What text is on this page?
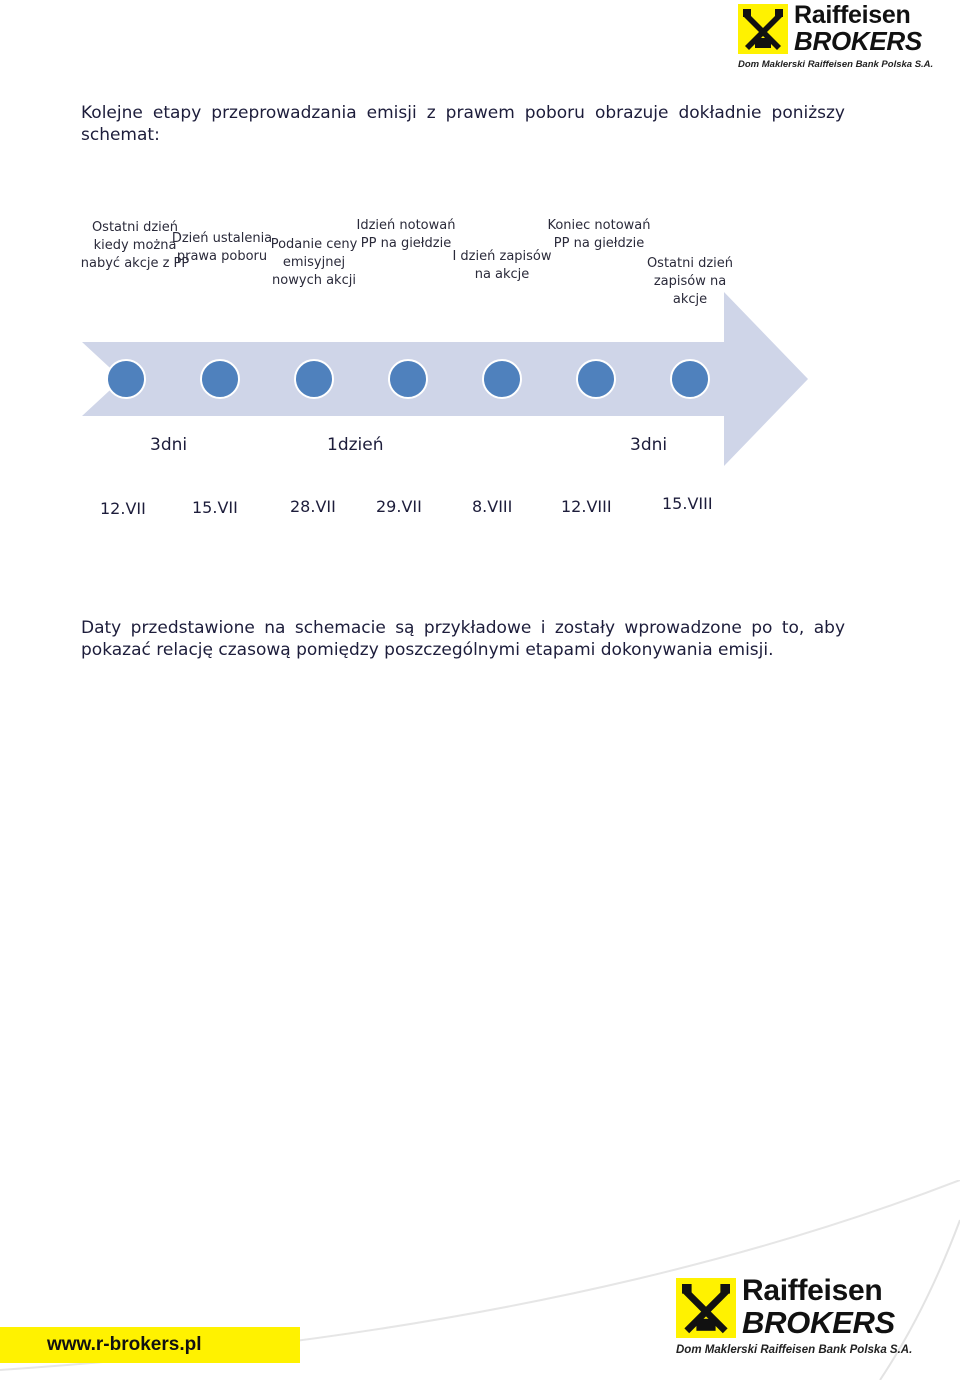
Raiffeisen
BROKERS
Dom Maklerski Raiffeisen Bank Polska S.A.
Kolejne etapy przeprowadzania emisji z prawem poboru obrazuje dokładnie poniższy schemat:
Ostatni dzień kiedy można nabyć akcje z PP
Dzień ustalenia prawa poboru
Podanie ceny emisyjnej nowych akcji
Idzień notowań PP na giełdzie
I dzień zapisów na akcje
Koniec notowań PP na giełdzie
Ostatni dzień zapisów na akcje
3dni	1dzień	3dni
12.VII	15.VII	28.VII	29.VII	8.VIII	12.VIII	15.VIII
Daty przedstawione na schemacie są przykładowe i zostały wprowadzone po to, aby pokazać relację czasową pomiędzy poszczególnymi etapami dokonywania emisji.
www.r-brokers.pl
Raiffeisen
BROKERS
Dom Maklerski Raiffeisen Bank Polska S.A.
